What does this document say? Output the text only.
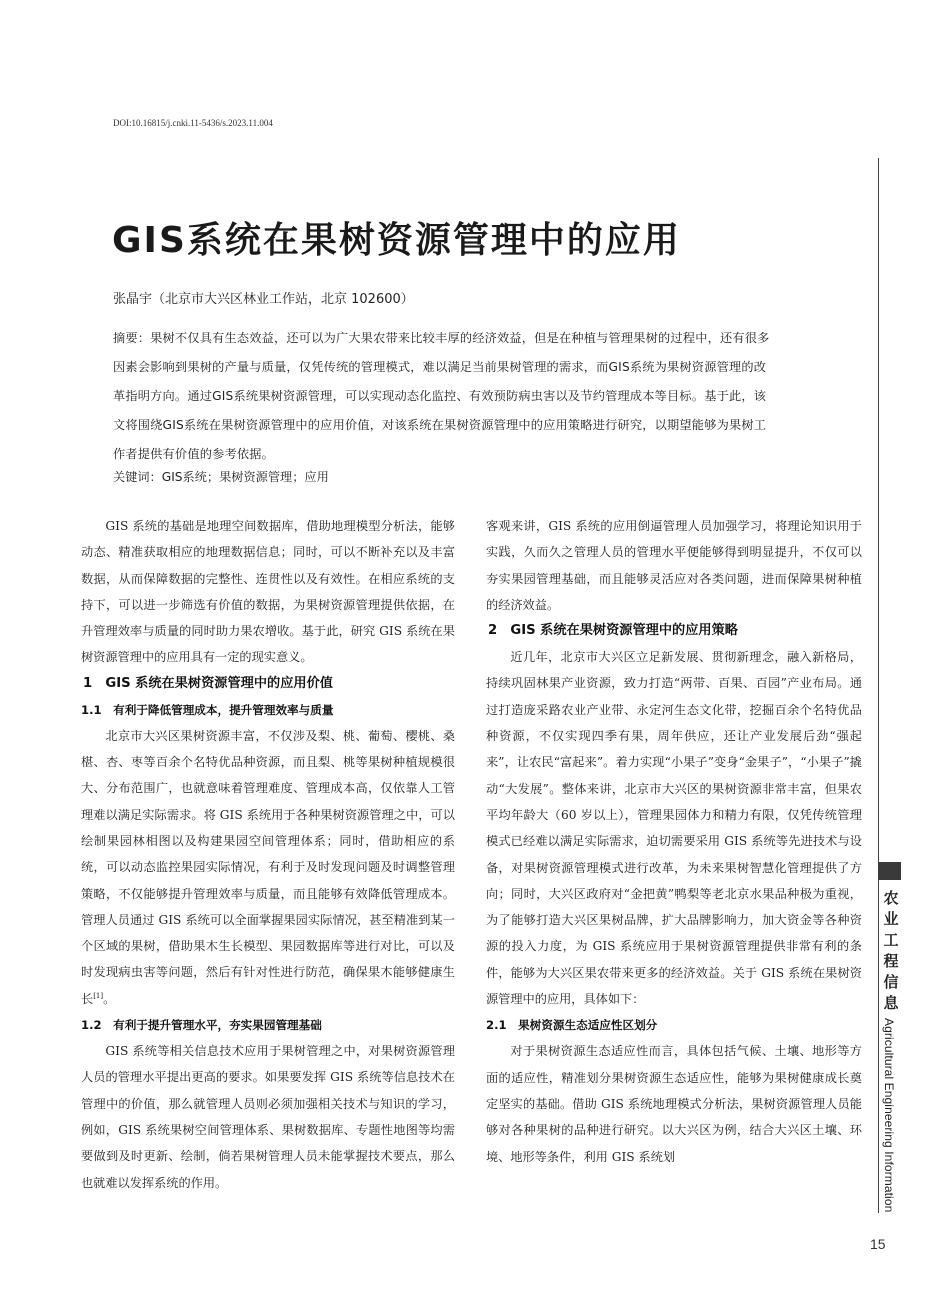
DOI:10.16815/j.cnki.11-5436/s.2023.11.004
GIS系统在果树资源管理中的应用
张晶宇（北京市大兴区林业工作站，北京 102600）
摘要：果树不仅具有生态效益，还可以为广大果农带来比较丰厚的经济效益，但是在种植与管理果树的过程中，还有很多
因素会影响到果树的产量与质量，仅凭传统的管理模式，难以满足当前果树管理的需求，而GIS系统为果树资源管理的改
革指明方向。通过GIS系统果树资源管理，可以实现动态化监控、有效预防病虫害以及节约管理成本等目标。基于此，该
文将围绕GIS系统在果树资源管理中的应用价值，对该系统在果树资源管理中的应用策略进行研究，以期望能够为果树工
作者提供有价值的参考依据。
关键词：GIS系统；果树资源管理；应用

GIS 系统的基础是地理空间数据库，借助地理模型分析法，能够动态、精准获取相应的地理数据信息；同时，可以不断补充以及丰富数据，从而保障数据的完整性、连贯性以及有效性。在相应系统的支持下，可以进一步筛选有价值的数据，为果树资源管理提供依据，在升管理效率与质量的同时助力果农增收。基于此，研究 GIS 系统在果树资源管理中的应用具有一定的现实意义。

1　GIS 系统在果树资源管理中的应用价值
1.1　有利于降低管理成本，提升管理效率与质量

北京市大兴区果树资源丰富，不仅涉及梨、桃、葡萄、樱桃、桑椹、杏、枣等百余个名特优品种资源，而且梨、桃等果树种植规模很大、分布范围广，也就意味着管理难度、管理成本高，仅依靠人工管理难以满足实际需求。将 GIS 系统用于各种果树资源管理之中，可以绘制果园林相图以及构建果园空间管理体系；同时，借助相应的系统，可以动态监控果园实际情况，有利于及时发现问题及时调整管理策略，不仅能够提升管理效率与质量，而且能够有效降低管理成本。管理人员通过 GIS 系统可以全面掌握果园实际情况，甚至精准到某一个区域的果树，借助果木生长模型、果园数据库等进行对比，可以及时发现病虫害等问题，然后有针对性进行防范，确保果木能够健康生长[1]。

1.2　有利于提升管理水平，夯实果园管理基础

GIS 系统等相关信息技术应用于果树管理之中，对果树资源管理人员的管理水平提出更高的要求。如果要发挥 GIS 系统等信息技术在管理中的价值，那么就管理人员则必须加强相关技术与知识的学习，例如，GIS 系统果树空间管理体系、果树数据库、专题性地图等均需要做到及时更新、绘制，倘若果树管理人员未能掌握技术要点，那么也就难以发挥系统的作用。

客观来讲，GIS 系统的应用倒逼管理人员加强学习，将理论知识用于实践，久而久之管理人员的管理水平便能够得到明显提升，不仅可以夯实果园管理基础，而且能够灵活应对各类问题，进而保障果树种植的经济效益。

2　GIS 系统在果树资源管理中的应用策略

近几年，北京市大兴区立足新发展、贯彻新理念，融入新格局，持续巩固林果产业资源，致力打造“两带、百果、百园”产业布局。通过打造庞采路农业产业带、永定河生态文化带，挖掘百余个名特优品种资源，不仅实现四季有果，周年供应，还让产业发展后劲“强起来”，让农民“富起来”。着力实现“小果子”变身“金果子”，“小果子”撬动“大发展”。整体来讲，北京市大兴区的果树资源非常丰富，但果农平均年龄大（60 岁以上），管理果园体力和精力有限，仅凭传统管理模式已经难以满足实际需求，迫切需要采用 GIS 系统等先进技术与设备，对果树资源管理模式进行改革，为未来果树智慧化管理提供了方向；同时，大兴区政府对“金把黄”鸭梨等老北京水果品种极为重视，为了能够打造大兴区果树品牌，扩大品牌影响力，加大资金等各种资源的投入力度，为 GIS 系统应用于果树资源管理提供非常有利的条件，能够为大兴区果农带来更多的经济效益。关于 GIS 系统在果树资源管理中的应用，具体如下：

2.1　果树资源生态适应性区划分

对于果树资源生态适应性而言，具体包括气候、土壤、地形等方面的适应性，精准划分果树资源生态适应性，能够为果树健康成长奠定坚实的基础。借助 GIS 系统地理模式分析法，果树资源管理人员能够对各种果树的品种进行研究。以大兴区为例，结合大兴区土壤、环境、地形等条件，利用 GIS 系统划

农
业
工
程
信
息
Agricultural Engineering Information
15
